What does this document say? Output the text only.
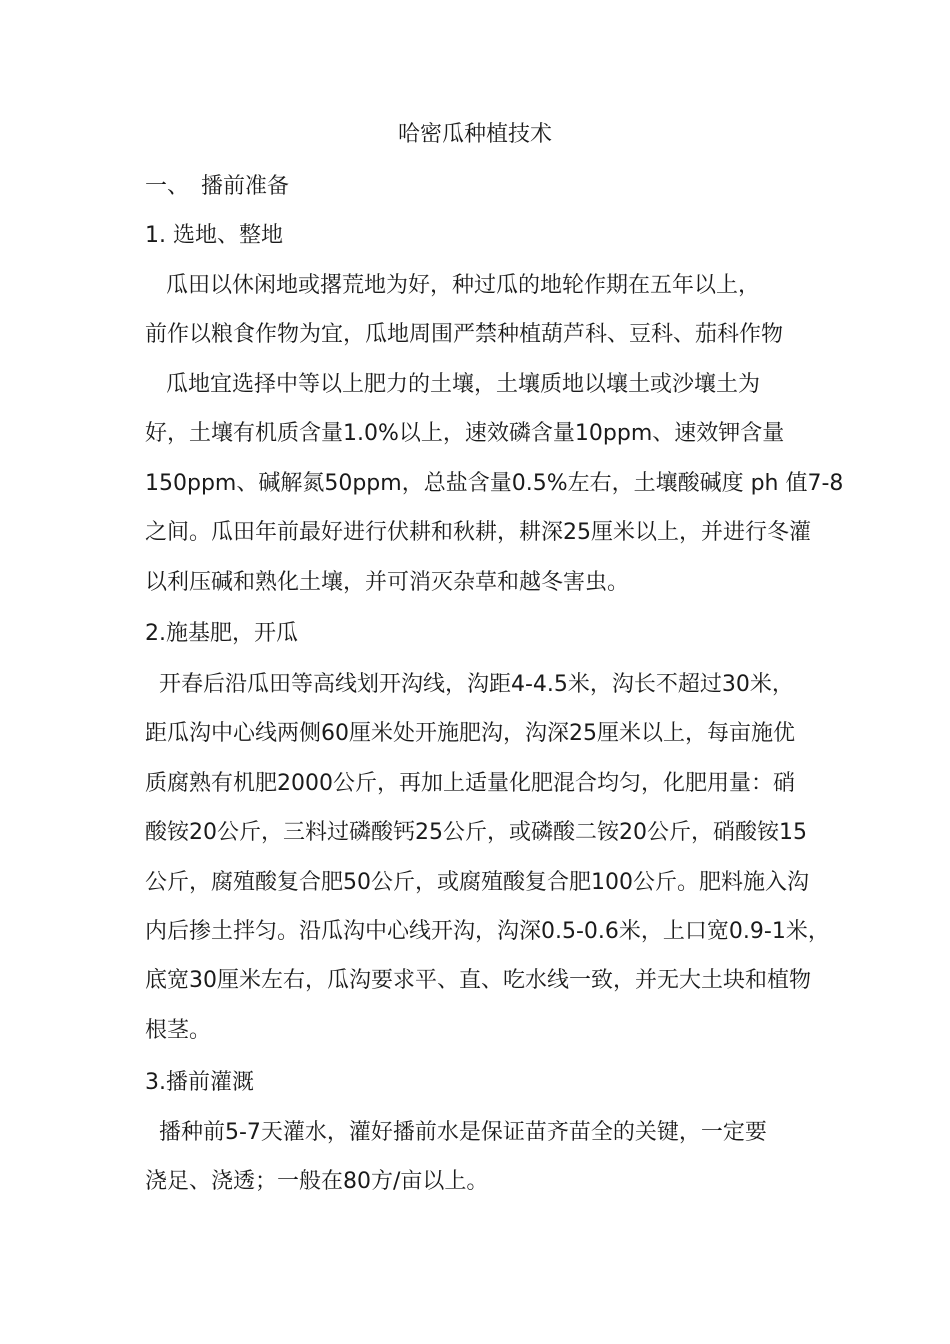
哈密瓜种植技术
一、 播前准备
1. 选地、整地
瓜田以休闲地或撂荒地为好，种过瓜的地轮作期在五年以上，
前作以粮食作物为宜，瓜地周围严禁种植葫芦科、豆科、茄科作物
瓜地宜选择中等以上肥力的土壤，土壤质地以壤土或沙壤土为
好，土壤有机质含量1.0%以上，速效磷含量10ppm、速效钾含量
150ppm、碱解氮50ppm，总盐含量0.5%左右，土壤酸碱度 ph 值7-8
之间。瓜田年前最好进行伏耕和秋耕，耕深25厘米以上，并进行冬灌
以利压碱和熟化土壤，并可消灭杂草和越冬害虫。
2.施基肥，开瓜
开春后沿瓜田等高线划开沟线，沟距4-4.5米，沟长不超过30米，
距瓜沟中心线两侧60厘米处开施肥沟，沟深25厘米以上，每亩施优
质腐熟有机肥2000公斤，再加上适量化肥混合均匀，化肥用量：硝
酸铵20公斤，三料过磷酸钙25公斤，或磷酸二铵20公斤，硝酸铵15
公斤，腐殖酸复合肥50公斤，或腐殖酸复合肥100公斤。肥料施入沟
内后掺土拌匀。沿瓜沟中心线开沟，沟深0.5-0.6米，上口宽0.9-1米，
底宽30厘米左右，瓜沟要求平、直、吃水线一致，并无大土块和植物
根茎。
3.播前灌溉
播种前5-7天灌水，灌好播前水是保证苗齐苗全的关键，一定要
浇足、浇透；一般在80方/亩以上。
